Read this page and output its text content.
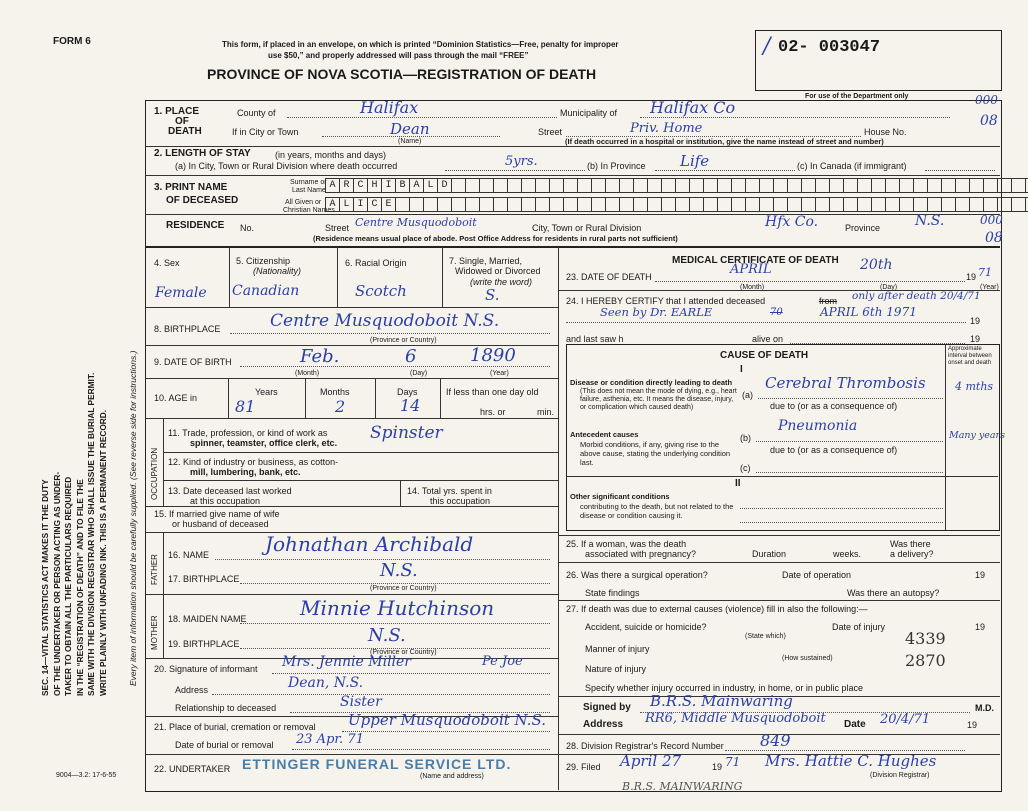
FORM 6	This form, if placed in an envelope, on which is printed “Dominion Statistics—Free, penalty for improper
use $50,” and properly addressed will pass through the mail “FREE”
PROVINCE OF NOVA SCOTIA—REGISTRATION OF DEATH
/ 02- 003047
For use of the Department only
SEC. 14—VITAL STATISTICS ACT MAKES IT THE DUTY OF THE UNDERTAKER OR PERSON ACTING AS UNDER- TAKER TO OBTAIN ALL THE PARTICULARS REQUIRED IN THE “REGISTRATION OF DEATH” AND TO FILE THE SAME WITH THE DIVISION REGISTRAR WHO SHALL ISSUE THE BURIAL PERMIT. WRITE PLAINLY WITH UNFADING INK. THIS IS A PERMANENT RECORD. Every item of information should be carefully supplied. (See reverse side for instructions.)
9004—3.2: 17-6-55
1. PLACE
OF
DEATH
County of	Halifax	Municipality of Halifax Co
If in City or Town	Dean
(Name)
Street	Priv. Home	House No.
(If death occurred in a hospital or institution, give the name instead of street and number)
000
08
2. LENGTH OF STAY	(in years, months and days)
(a) In City, Town or Rural Division where death occurred	5yrs.	(b) In Province Life	(c) In Canada (if immigrant)
3. PRINT NAME
OF DECEASED
Surname or
Last Name
All Given or
Christian Names
A R C H I B A L D
A L I C E
RESIDENCE No.	Street Centre Musquodoboit	City, Town or Rural Division	Hfx Co.	Province N.S.	000
08
(Residence means usual place of abode. Post Office Address for residents in rural parts not sufficient)
4. Sex	5. Citizenship
(Nationality)
6. Racial Origin	7. Single, Married,
Widowed or Divorced
(write the word)
Female Canadian	Scotch	S.
8. BIRTHPLACE	Centre Musquodoboit N.S.
(Province or Country)
9. DATE OF BIRTH	Feb.	6	1890
(Month)	(Day)	(Year)
10. AGE in
Years	Months	Days
81	2	14
If less than one day old
hrs. or	min.
OCCUPATION
11. Trade, profession, or kind of work as
spinner, teamster, office clerk, etc. Spinster
12. Kind of industry or business, as cotton-
mill, lumbering, bank, etc.
13. Date deceased last worked
at this occupation
14. Total yrs. spent in
this occupation
15. If married give name of wife
or husband of deceased
FATHER 16. NAME	Johnathan Archibald
17. BIRTHPLACE	N.S.
(Province or Country)
MOTHER 18. MAIDEN NAME	Minnie Hutchinson
19. BIRTHPLACE	N.S.
(Province or Country)
20. Signature of informant Mrs. Jennie Miller	Pe Joe
Address	Dean, N.S.
Relationship to deceased	Sister
21. Place of burial, cremation or removal Upper Musquodoboit N.S.
Date of burial or removal 23 Apr. 71
22. UNDERTAKER ETTINGER FUNERAL SERVICE LTD.
(Name and address)
MEDICAL CERTIFICATE OF DEATH
23. DATE OF DEATH	APRIL	20th
19 71
(Month)	(Day)	(Year)
24. I HEREBY CERTIFY that I attended deceased	from only after death 20/4/71
Seen by Dr. EARLE	70	APRIL 6th 1971
19
and last saw h	alive on	19
CAUSE OF DEATH
Approximate interval between onset and death
I
Disease or condition directly leading to death
(This does not mean the mode of dying, e.g., heart failure, asthenia, etc. It means the disease, injury, or complication which caused death)
(a)
Cerebral Thrombosis	4 mths
due to (or as a consequence of)
Antecedent causes
Morbid conditions, if any, giving rise to the above cause, stating the underlying condition last.
(b)
Pneumonia
Many years
due to (or as a consequence of)
(c)
II
Other significant conditions
contributing to the death, but not related to the disease or condition causing it.
25. If a woman, was the death
associated with pregnancy?	Duration	weeks.
Was there
a delivery?
26. Was there a surgical operation?	Date of operation	19
State findings	Was there an autopsy?
27. If death was due to external causes (violence) fill in also the following:—
Accident, suicide or homicide?	Date of injury	19
(State which)	4339
Manner of injury
(How sustained)	2870
Nature of injury
Specify whether injury occurred in industry, in home, or in public place
Signed by B.R.S. Mainwaring	M.D.
Address RR6, Middle Musquodoboit Date 20/4/71	19
28. Division Registrar's Record Number 849
29. Filed April 27	19 71 Mrs. Hattie C. Hughes
(Division Registrar)
B.R.S. MAINWARING
